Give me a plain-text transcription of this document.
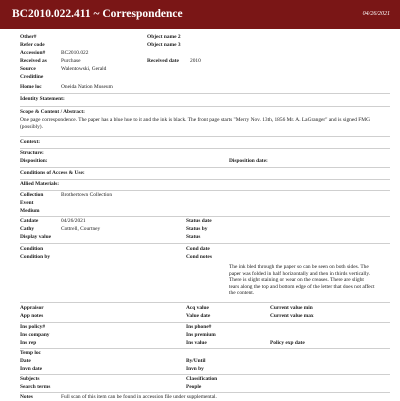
BC2010.022.411 ~ Correspondence	04/26/2021
Other#	Object name 2
Refer code	Object name 3
Accession#	BC2010.022
Received as	Purchase	Received date 2010
Source	Walentowski, Gerald
Creditline
Home loc	Oneida Nation Museum
Identity Statement:
Scope & Content / Abstract:
One page correspondence. The paper has a blue hue to it and the ink is black. The front page starts "Merry Nov. 13th, 1856 Mr. A. LaGranger" and is signed FMG (possibly).
Context:
Structure:
Disposition:	Disposition date:
Conditions of Access & Use:
Allied Materials:
Collection	Brothertown Collection
Event
Medium
Catdate	04/26/2021	Status date
Cathy	Cottrell, Courtney	Status by
Display value	Status
Condition	Cond date
Condition by	Cond notes
The ink bled through the paper so can be seen on both sides. The paper was folded in half horizontally and then in thirds vertically. There is slight staining or wear on the creases. There are slight tears along the top and bottom edge of the letter that does not affect the content.
Appraisor	Acq value	Current value min
App notes	Value date	Current value max
Ins policy#	Ins phone#
Ins company	Ins premium
Ins rep	Ins value	Policy exp date
Temp loc
Date	By/Until
Invn date	Invn by
Subjects	Classification
Search terms	People
Notes	Full scan of this item can be found in accession file under supplemental.
